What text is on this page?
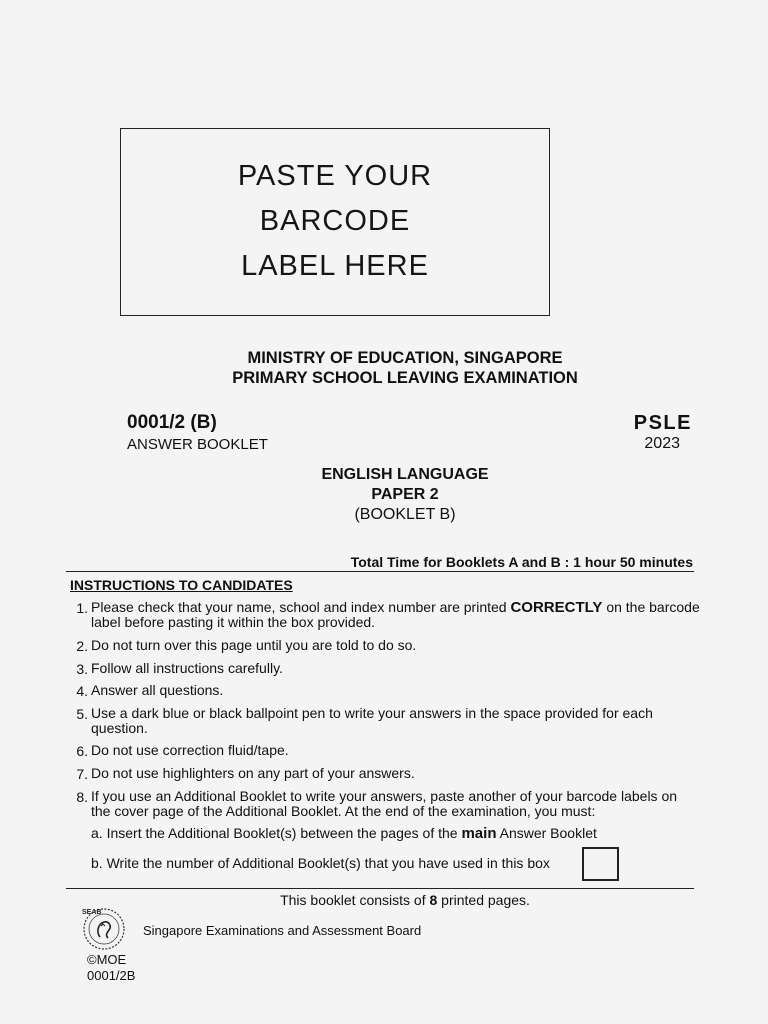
PASTE YOUR
BARCODE
LABEL HERE
MINISTRY OF EDUCATION, SINGAPORE
PRIMARY SCHOOL LEAVING EXAMINATION
0001/2 (B)
ANSWER BOOKLET
PSLE
2023
ENGLISH LANGUAGE
PAPER 2
(BOOKLET B)
Total Time for Booklets A and B : 1 hour 50 minutes
INSTRUCTIONS TO CANDIDATES
1. Please check that your name, school and index number are printed CORRECTLY on the barcode label before pasting it within the box provided.
2. Do not turn over this page until you are told to do so.
3. Follow all instructions carefully.
4. Answer all questions.
5. Use a dark blue or black ballpoint pen to write your answers in the space provided for each question.
6. Do not use correction fluid/tape.
7. Do not use highlighters on any part of your answers.
8. If you use an Additional Booklet to write your answers, paste another of your barcode labels on the cover page of the Additional Booklet. At the end of the examination, you must:
a. Insert the Additional Booklet(s) between the pages of the main Answer Booklet
b. Write the number of Additional Booklet(s) that you have used in this box
This booklet consists of 8 printed pages.
SEAB
Singapore Examinations and Assessment Board
©MOE
0001/2B
